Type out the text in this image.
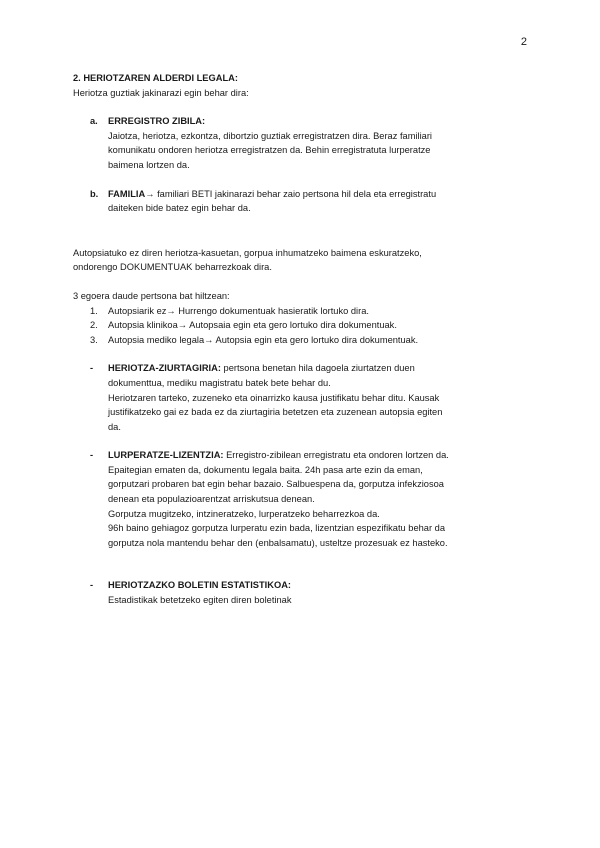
2
2. HERIOTZAREN ALDERDI LEGALA:
Heriotza guztiak jakinarazi egin behar dira:
a. ERREGISTRO ZIBILA:
Jaiotza, heriotza, ezkontza, dibortzio guztiak erregistratzen dira. Beraz familiari
komunikatu ondoren heriotza erregistratzen da. Behin erregistratuta lurperatze
baimena lortzen da.
b. FAMILIA→ familiari BETI jakinarazi behar zaio pertsona hil dela eta erregistratu
daiteken bide batez egin behar da.
Autopsiatuko ez diren heriotza-kasuetan, gorpua inhumatzeko baimena eskuratzeko,
ondorengo DOKUMENTUAK beharrezkoak dira.
3 egoera daude pertsona bat hiltzean:
1. Autopsiarik ez→ Hurrengo dokumentuak hasieratik lortuko dira.
2. Autopsia klinikoa→ Autopsaia egin eta gero lortuko dira dokumentuak.
3. Autopsia mediko legala→ Autopsia egin eta gero lortuko dira dokumentuak.
- HERIOTZA-ZIURTAGIRIA: pertsona benetan hila dagoela ziurtatzen duen
dokumenttua, mediku magistratu batek bete behar du.
Heriotzaren tarteko, zuzeneko eta oinarrizko kausa justifikatu behar ditu. Kausak
justifikatzeko gai ez bada ez da ziurtagiria betetzen eta zuzenean autopsia egiten
da.
- LURPERATZE-LIZENTZIA: Erregistro-zibilean erregistratu eta ondoren lortzen da.
Epaitegian ematen da, dokumentu legala baita. 24h pasa arte ezin da eman,
gorputzari probaren bat egin behar bazaio. Salbuespena da, gorputza infekziosoa
denean eta populazioarentzat arriskutsua denean.
Gorputza mugitzeko, intzineratzeko, lurperatzeko beharrezkoa da.
96h baino gehiagoz gorputza lurperatu ezin bada, lizentzian espezifikatu behar da
gorputza nola mantendu behar den (enbalsamatu), usteltze prozesuak ez hasteko.
- HERIOTZAZKO BOLETIN ESTATISTIKOA:
Estadistikak betetzeko egiten diren boletinak
